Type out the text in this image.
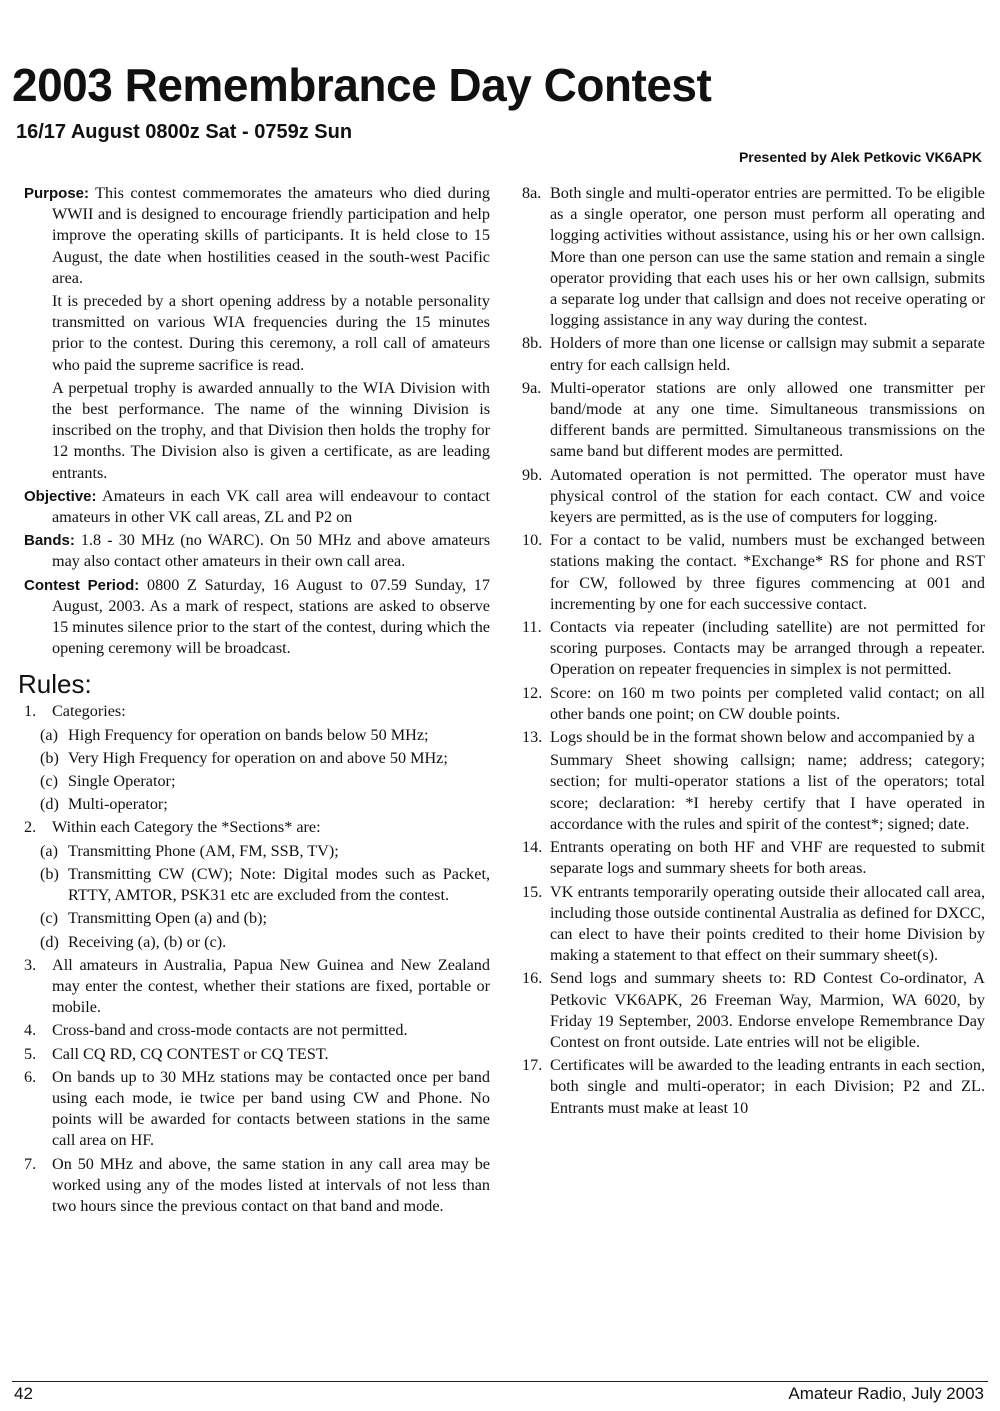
2003 Remembrance Day Contest
16/17 August 0800z Sat - 0759z Sun
Presented by Alek Petkovic VK6APK

Purpose: This contest commemorates the amateurs who died during WWII and is designed to encourage friendly participation and help improve the operating skills of participants. It is held close to 15 August, the date when hostilities ceased in the south-west Pacific area.

It is preceded by a short opening address by a notable personality transmitted on various WIA frequencies during the 15 minutes prior to the contest. During this ceremony, a roll call of amateurs who paid the supreme sacrifice is read.

A perpetual trophy is awarded annually to the WIA Division with the best performance. The name of the winning Division is inscribed on the trophy, and that Division then holds the trophy for 12 months. The Division also is given a certificate, as are leading entrants.

Objective: Amateurs in each VK call area will endeavour to contact amateurs in other VK call areas, ZL and P2 on

Bands: 1.8 - 30 MHz (no WARC). On 50 MHz and above amateurs may also contact other amateurs in their own call area.

Contest Period: 0800 Z Saturday, 16 August to 07.59 Sunday, 17 August, 2003. As a mark of respect, stations are asked to observe 15 minutes silence prior to the start of the contest, during which the opening ceremony will be broadcast.

Rules:
1. Categories:
(a) High Frequency for operation on bands below 50 MHz;
(b) Very High Frequency for operation on and above 50 MHz;
(c) Single Operator;
(d) Multi-operator;
2. Within each Category the *Sections* are:
(a) Transmitting Phone (AM, FM, SSB, TV);
(b) Transmitting CW (CW); Note: Digital modes such as Packet, RTTY, AMTOR, PSK31 etc are excluded from the contest.
(c) Transmitting Open (a) and (b);
(d) Receiving (a), (b) or (c).
3. All amateurs in Australia, Papua New Guinea and New Zealand may enter the contest, whether their stations are fixed, portable or mobile.
4. Cross-band and cross-mode contacts are not permitted.
5. Call CQ RD, CQ CONTEST or CQ TEST.
6. On bands up to 30 MHz stations may be contacted once per band using each mode, ie twice per band using CW and Phone. No points will be awarded for contacts between stations in the same call area on HF.
7. On 50 MHz and above, the same station in any call area may be worked using any of the modes listed at intervals of not less than two hours since the previous contact on that band and mode.
8a. Both single and multi-operator entries are permitted. To be eligible as a single operator, one person must perform all operating and logging activities without assistance, using his or her own callsign. More than one person can use the same station and remain a single operator providing that each uses his or her own callsign, submits a separate log under that callsign and does not receive operating or logging assistance in any way during the contest.
8b. Holders of more than one license or callsign may submit a separate entry for each callsign held.
9a. Multi-operator stations are only allowed one transmitter per band/mode at any one time. Simultaneous transmissions on different bands are permitted. Simultaneous transmissions on the same band but different modes are permitted.
9b. Automated operation is not permitted. The operator must have physical control of the station for each contact. CW and voice keyers are permitted, as is the use of computers for logging.
10. For a contact to be valid, numbers must be exchanged between stations making the contact. *Exchange* RS for phone and RST for CW, followed by three figures commencing at 001 and incrementing by one for each successive contact.
11. Contacts via repeater (including satellite) are not permitted for scoring purposes. Contacts may be arranged through a repeater. Operation on repeater frequencies in simplex is not permitted.
12. Score: on 160 m two points per completed valid contact; on all other bands one point; on CW double points.
13. Logs should be in the format shown below and accompanied by a

Summary Sheet showing callsign; name; address; category; section; for multi-operator stations a list of the operators; total score; declaration: *I hereby certify that I have operated in accordance with the rules and spirit of the contest*; signed; date.

14. Entrants operating on both HF and VHF are requested to submit separate logs and summary sheets for both areas.
15. VK entrants temporarily operating outside their allocated call area, including those outside continental Australia as defined for DXCC, can elect to have their points credited to their home Division by making a statement to that effect on their summary sheet(s).
16. Send logs and summary sheets to: RD Contest Co-ordinator, A Petkovic VK6APK, 26 Freeman Way, Marmion, WA 6020, by Friday 19 September, 2003. Endorse envelope Remembrance Day Contest on front outside. Late entries will not be eligible.
17. Certificates will be awarded to the leading entrants in each section, both single and multi-operator; in each Division; P2 and ZL. Entrants must make at least 10
42	Amateur Radio, July 2003
